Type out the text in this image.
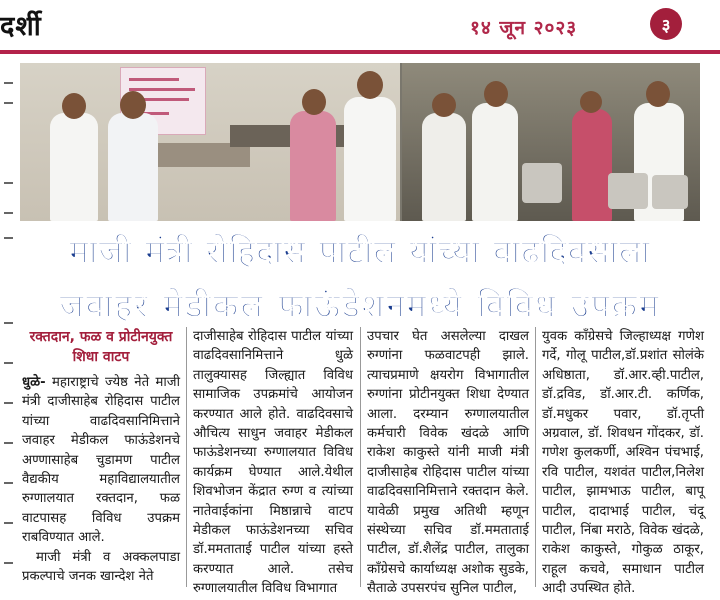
दर्शी	१४ जून २०२३	३
माजी मंत्री रोहिदास पाटील यांच्या वाढदिवसाला
जवाहर मेडीकल फाऊंडेशनमध्ये विविध उपक्रम

रक्तदान, फळ व प्रोटीनयुक्त शिधा वाटप

धुळे- महाराष्ट्राचे ज्येष्ठ नेते माजी मंत्री दाजीसाहेब रोहिदास पाटील यांच्या वाढदिवसानिमित्ताने जवाहर मेडीकल फाऊंडेशनचे अण्णासाहेब चुडामण पाटील वैद्यकीय महाविद्यालयातील रुग्णालयात रक्तदान, फळ वाटपासह विविध उपक्रम राबविण्यात आले.

माजी मंत्री व अक्कलपाडा प्रकल्पाचे जनक खान्देश नेते

दाजीसाहेब रोहिदास पाटील यांच्या वाढदिवसानिमित्ताने धुळे तालुक्यासह जिल्ह्यात विविध सामाजिक उपक्रमांचे आयोजन करण्यात आले होते. वाढदिवसाचे औचित्य साधुन जवाहर मेडीकल फाऊंडेशनच्या रुग्णालयात विविध कार्यक्रम घेण्यात आले.येथील शिवभोजन केंद्रात रुग्ण व त्यांच्या नातेवाईकांना मिष्ठान्नाचे वाटप मेडीकल फाऊंडेशनच्या सचिव डॉ.ममताताई पाटील यांच्या हस्ते करण्यात आले. तसेच रुग्णालयातील विविध विभागात

उपचार घेत असलेल्या दाखल रुग्णांना फळवाटपही झाले. त्याचप्रमाणे क्षयरोग विभागातील रुग्णांना प्रोटीनयुक्त शिधा देण्यात आला. दरम्यान रुग्णालयातील कर्मचारी विवेक खंदळे आणि राकेश काकुस्ते यांनी माजी मंत्री दाजीसाहेब रोहिदास पाटील यांच्या वाढदिवसानिमित्ताने रक्तदान केले. यावेळी प्रमुख अतिथी म्हणून संस्थेच्या सचिव डॉ.ममताताई पाटील, डॉ.शैलेंद्र पाटील, तालुका काँग्रेसचे कार्याध्यक्ष अशोक सुडके, सैताळे उपसरपंच सुनिल पाटील,

युवक काँग्रेसचे जिल्हाध्यक्ष गणेश गर्दे, गोलू पाटील,डॉ.प्रशांत सोलंके अधिष्ठाता, डॉ.आर.व्ही.पाटील, डॉ.द्रविड, डॉ.आर.टी. कर्णिक, डॉ.मधुकर पवार, डॉ.तृप्ती अग्रवाल, डॉ. शिवधन गोंदकर, डॉ. गणेश कुलकर्णी, अश्विन पंचभाई, रवि पाटील, यशवंत पाटील,निलेश पाटील, झामभाऊ पाटील, बापू पाटील, दादाभाई पाटील, चंदू पाटील, निंबा मराठे, विवेक खंदळे, राकेश काकुस्ते, गोकुळ ठाकूर, राहूल कचवे, समाधान पाटील आदी उपस्थित होते.
